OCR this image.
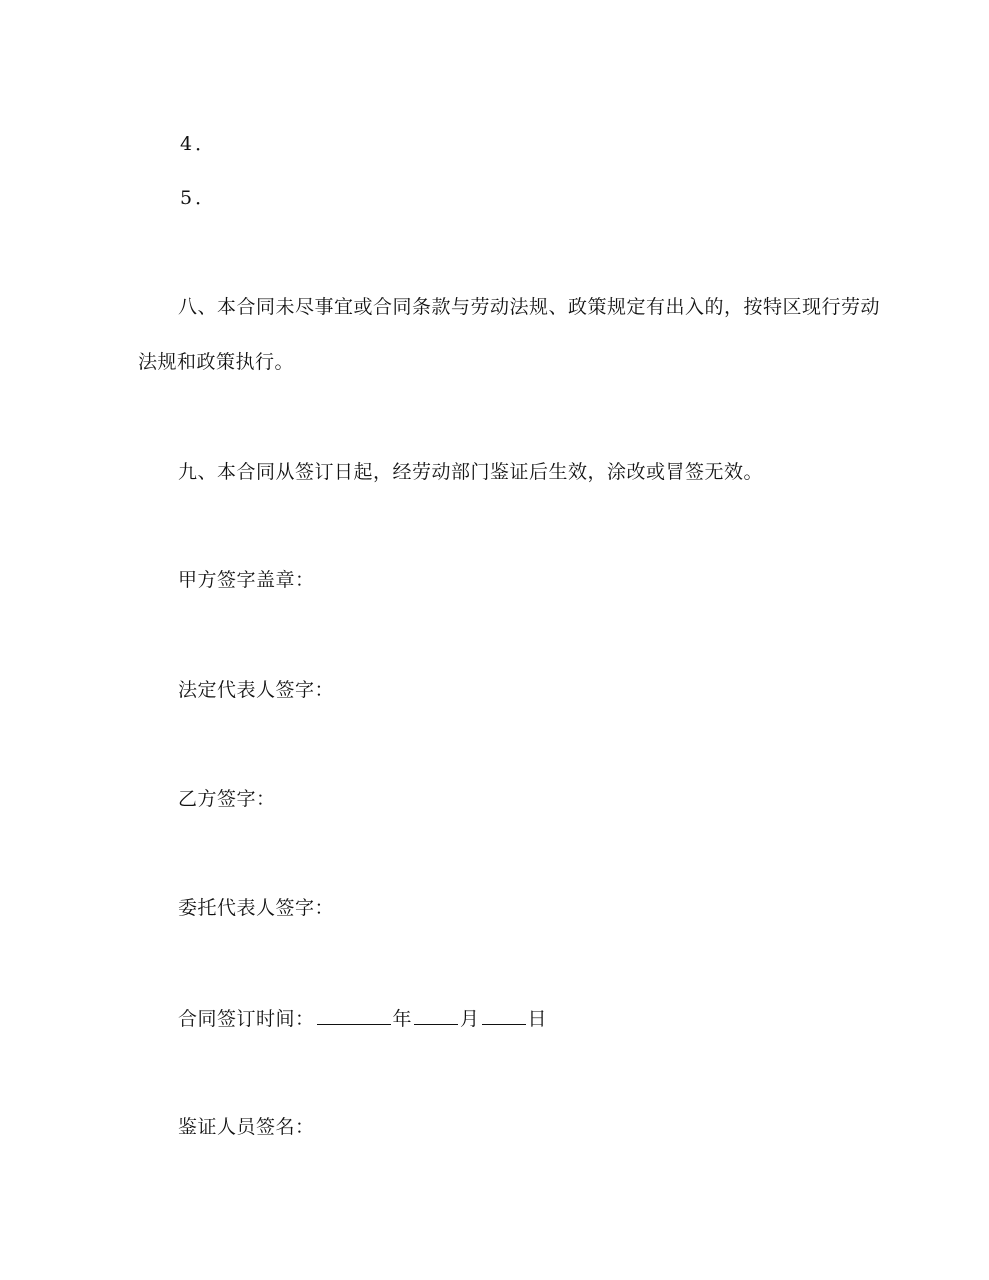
4．
5．
八、本合同未尽事宜或合同条款与劳动法规、政策规定有出入的，按特区现行劳动
法规和政策执行。
九、本合同从签订日起，经劳动部门鉴证后生效，涂改或冒签无效。
甲方签字盖章：
法定代表人签字：
乙方签字：
委托代表人签字：
合同签订时间：	年	月	日
鉴证人员签名：
